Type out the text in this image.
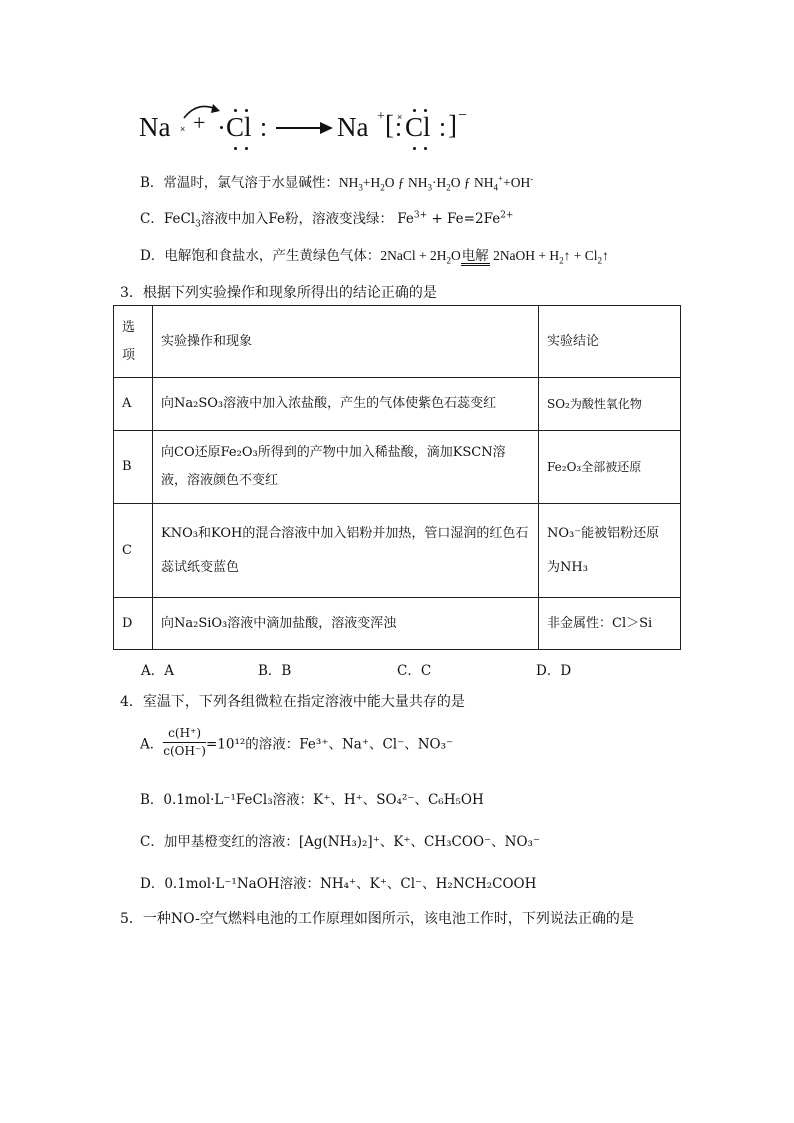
Na × + Cl → Na + [ × Cl ] −
B．常温时，氯气溶于水显碱性：$NH_3+H_2O$ ƒ $NH_3\cdot H_2O$ ƒ $NH_4^++OH^-$
C．FeCl$_3$溶液中加入Fe粉，溶液变浅绿： $Fe^{3+} + Fe=2Fe^{2+}$
D．电解饱和食盐水，产生黄绿色气体：2NaCl + $2H_2O$电解 2NaOH + $H_2↑$ + $Cl_2↑$
3．根据下列实验操作和现象所得出的结论正确的是
选项	实验操作和现象	实验结论
A	向Na₂SO₃溶液中加入浓盐酸，产生的气体使紫色石蕊变红	SO₂为酸性氧化物
B	向CO还原Fe₂O₃所得到的产物中加入稀盐酸，滴加KSCN溶液，溶液颜色不变红	Fe₂O₃全部被还原
C	KNO₃和KOH的混合溶液中加入铝粉并加热，管口湿润的红色石蕊试纸变蓝色	NO₃⁻能被铝粉还原为NH₃
D	向Na₂SiO₃溶液中滴加盐酸，溶液变浑浊	非金属性：Cl＞Si
A．A	B．B	C．C	D．D
4．室温下，下列各组微粒在指定溶液中能大量共存的是
A． $\frac{c(H^+)}{c(OH^-)} =10^{12}$的溶液：Fe³⁺、Na⁺、Cl⁻、NO₃⁻
B．0.1mol·L⁻¹FeCl₃溶液：K⁺、H⁺、SO₄²⁻、C₆H₅OH
C．加甲基橙变红的溶液：[Ag(NH₃)₂]⁺、K⁺、CH₃COO⁻、NO₃⁻
D．0.1mol·L⁻¹NaOH溶液：NH₄⁺、K⁺、Cl⁻、H₂NCH₂COOH
5．一种NO-空气燃料电池的工作原理如图所示，该电池工作时，下列说法正确的是
